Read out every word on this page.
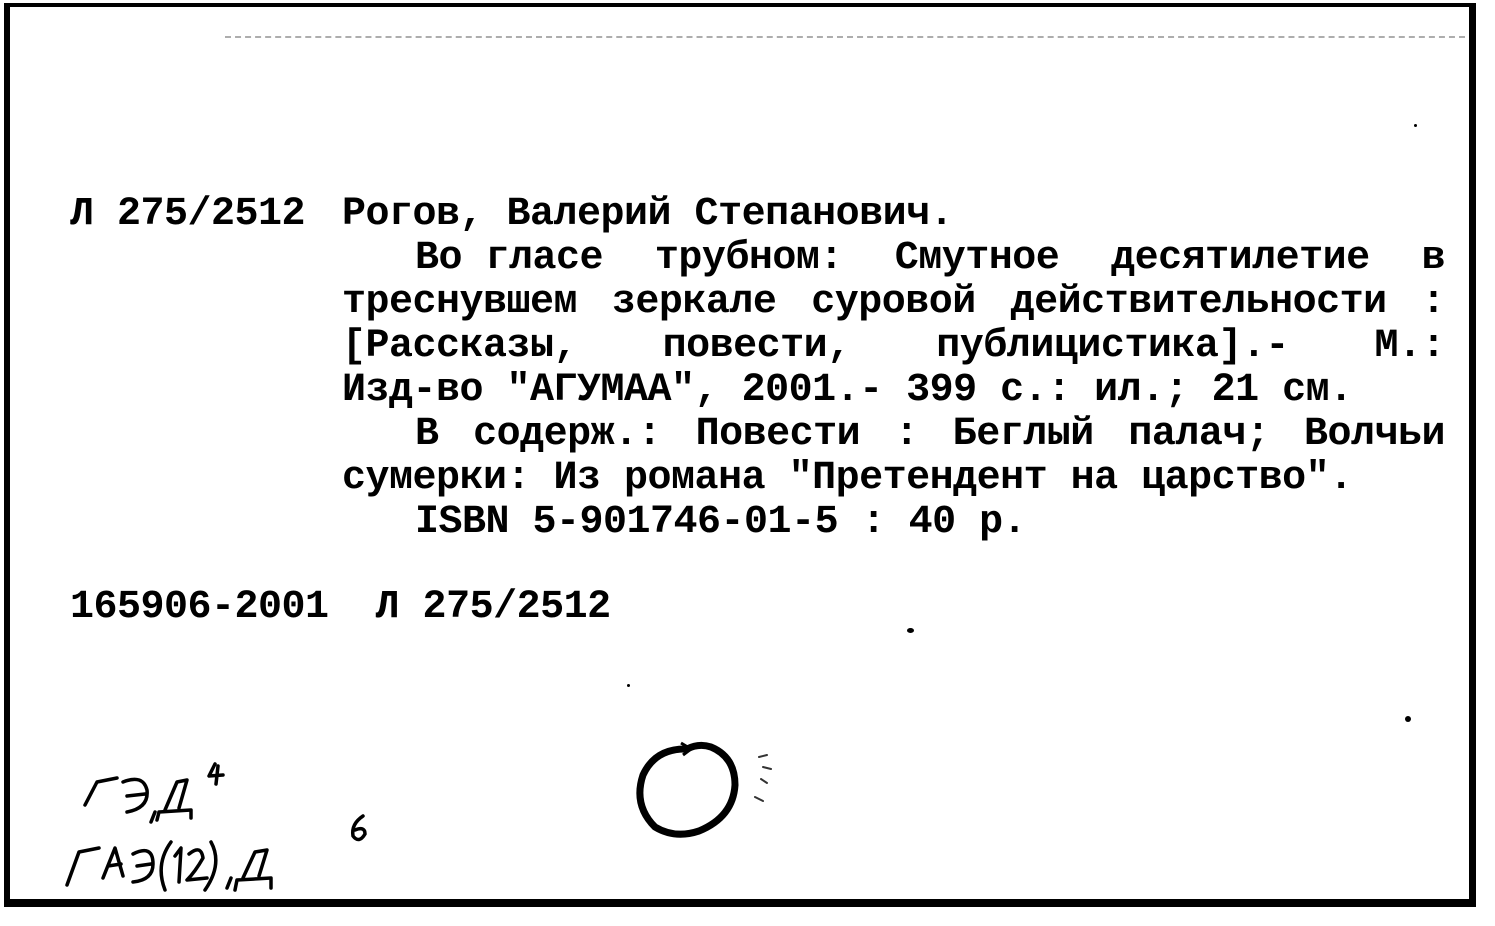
Л 275/2512 Рогов, Валерий Степанович.
Во гласе трубном: Смутное десятилетие в
треснувшем зеркале суровой действительности :
[Рассказы, повести, публицистика].- М.:
Изд-во "АГУМАА", 2001.- 399 с.: ил.; 21 см.
В содерж.: Повести : Беглый палач; Волчьи
сумерки: Из романа "Претендент на царство".
ISBN 5-901746-01-5 : 40 р.
165906-2001  Л 275/2512
